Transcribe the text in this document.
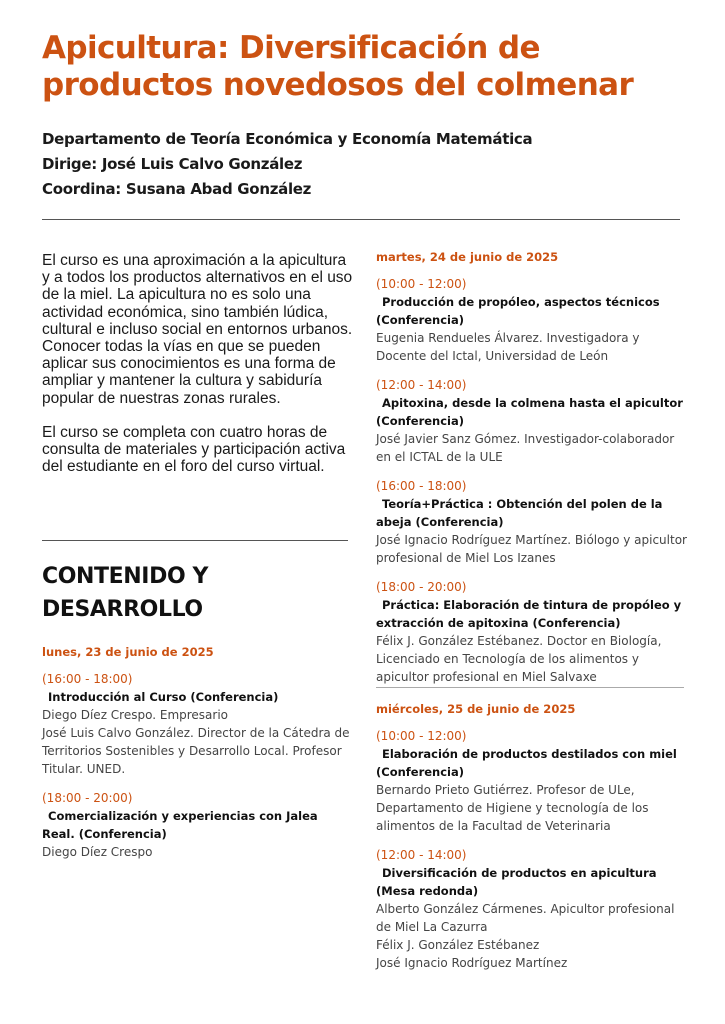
Apicultura: Diversificación de productos novedosos del colmenar
Departamento de Teoría Económica y Economía Matemática
Dirige: José Luis Calvo González
Coordina: Susana Abad González

El curso es una aproximación a la apicultura y a todos los productos alternativos en el uso de la miel. La apicultura no es solo una actividad económica, sino también lúdica, cultural e incluso social en entornos urbanos. Conocer todas la vías en que se pueden aplicar sus conocimientos es una forma de ampliar y mantener la cultura y sabiduría popular de nuestras zonas rurales.

El curso se completa con cuatro horas de consulta de materiales y participación activa del estudiante en el foro del curso virtual.

CONTENIDO Y DESARROLLO
lunes, 23 de junio de 2025
(16:00 - 18:00)
Introducción al Curso (Conferencia)
Diego Díez Crespo. Empresario
José Luis Calvo González. Director de la Cátedra de Territorios Sostenibles y Desarrollo Local. Profesor Titular. UNED.
(18:00 - 20:00)
Comercialización y experiencias con Jalea Real. (Conferencia)
Diego Díez Crespo
martes, 24 de junio de 2025
(10:00 - 12:00)
Producción de propóleo, aspectos técnicos (Conferencia)
Eugenia Rendueles Álvarez. Investigadora y Docente del Ictal, Universidad de León
(12:00 - 14:00)
Apitoxina, desde la colmena hasta el apicultor (Conferencia)
José Javier Sanz Gómez. Investigador-colaborador en el ICTAL de la ULE
(16:00 - 18:00)
Teoría+Práctica : Obtención del polen de la abeja (Conferencia)
José Ignacio Rodríguez Martínez. Biólogo y apicultor profesional de Miel Los Izanes
(18:00 - 20:00)
Práctica: Elaboración de tintura de propóleo y extracción de apitoxina (Conferencia)
Félix J. González Estébanez. Doctor en Biología, Licenciado en Tecnología de los alimentos y apicultor profesional en Miel Salvaxe
miércoles, 25 de junio de 2025
(10:00 - 12:00)
Elaboración de productos destilados con miel (Conferencia)
Bernardo Prieto Gutiérrez. Profesor de ULe, Departamento de Higiene y tecnología de los alimentos de la Facultad de Veterinaria
(12:00 - 14:00)
Diversificación de productos en apicultura (Mesa redonda)
Alberto González Cármenes. Apicultor profesional de Miel La Cazurra
Félix J. González Estébanez
José Ignacio Rodríguez Martínez
